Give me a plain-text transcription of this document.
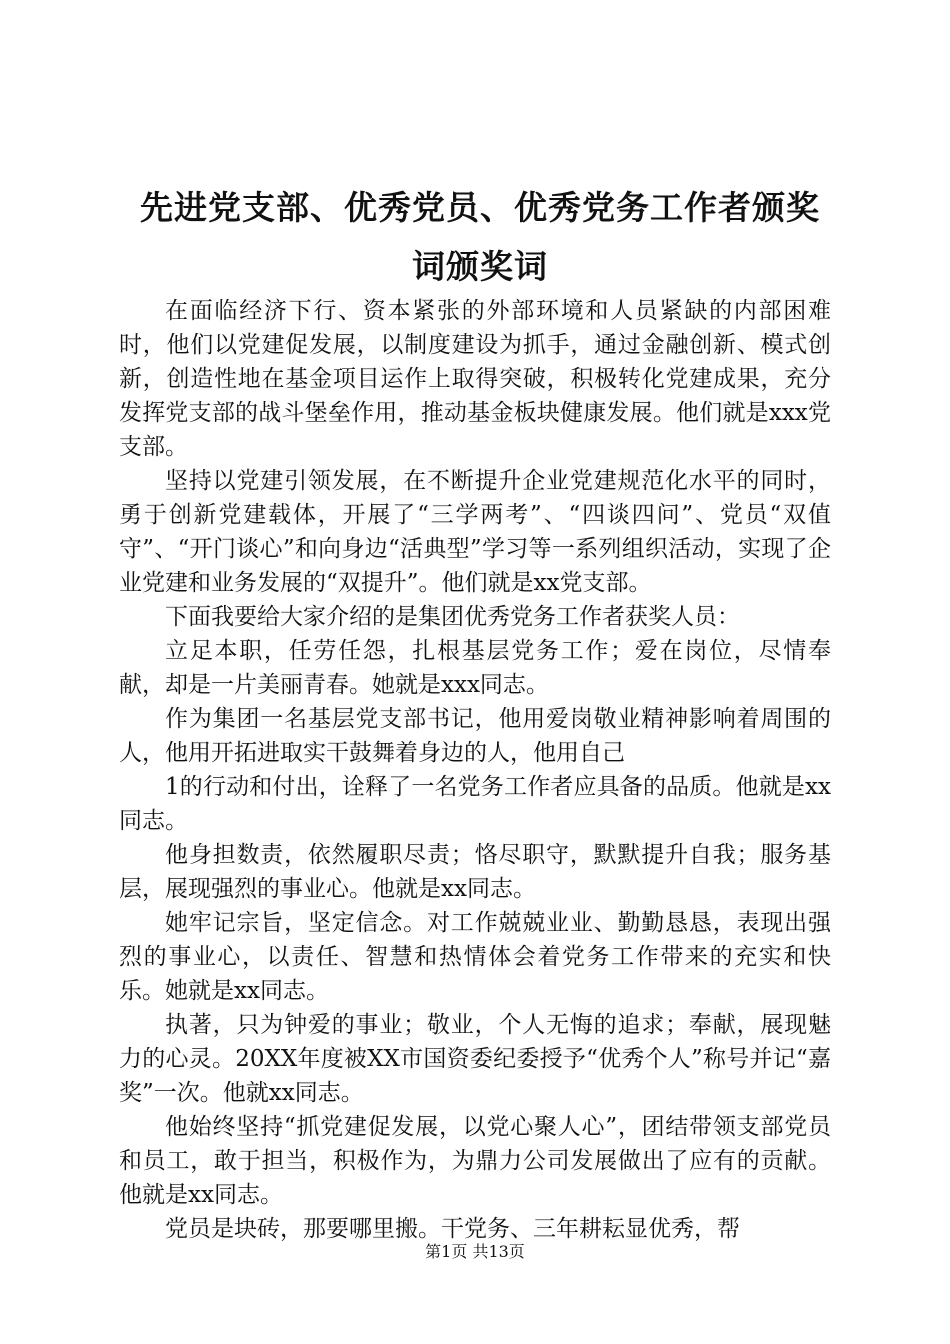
先进党支部、优秀党员、优秀党务工作者颁奖
词颁奖词

在面临经济下行、资本紧张的外部环境和人员紧缺的内部困难时，他们以党建促发展，以制度建设为抓手，通过金融创新、模式创新，创造性地在基金项目运作上取得突破，积极转化党建成果，充分发挥党支部的战斗堡垒作用，推动基金板块健康发展。他们就是xxx党支部。

坚持以党建引领发展，在不断提升企业党建规范化水平的同时，勇于创新党建载体，开展了“三学两考”、“四谈四问”、党员“双值守”、“开门谈心”和向身边“活典型”学习等一系列组织活动，实现了企业党建和业务发展的“双提升”。他们就是xx党支部。

下面我要给大家介绍的是集团优秀党务工作者获奖人员：

立足本职，任劳任怨，扎根基层党务工作；爱在岗位，尽情奉献，却是一片美丽青春。她就是xxx同志。

作为集团一名基层党支部书记，他用爱岗敬业精神影响着周围的人，他用开拓进取实干鼓舞着身边的人，他用自己

1的行动和付出，诠释了一名党务工作者应具备的品质。他就是xx同志。

他身担数责，依然履职尽责；恪尽职守，默默提升自我；服务基层，展现强烈的事业心。他就是xx同志。

她牢记宗旨，坚定信念。对工作兢兢业业、勤勤恳恳，表现出强烈的事业心，以责任、智慧和热情体会着党务工作带来的充实和快乐。她就是xx同志。

执著，只为钟爱的事业；敬业，个人无悔的追求；奉献，展现魅力的心灵。20XX年度被XX市国资委纪委授予“优秀个人”称号并记“嘉奖”一次。他就xx同志。

他始终坚持“抓党建促发展，以党心聚人心”，团结带领支部党员和员工，敢于担当，积极作为，为鼎力公司发展做出了应有的贡献。他就是xx同志。

党员是块砖，那要哪里搬。干党务、三年耕耘显优秀，帮

第1页 共13页
